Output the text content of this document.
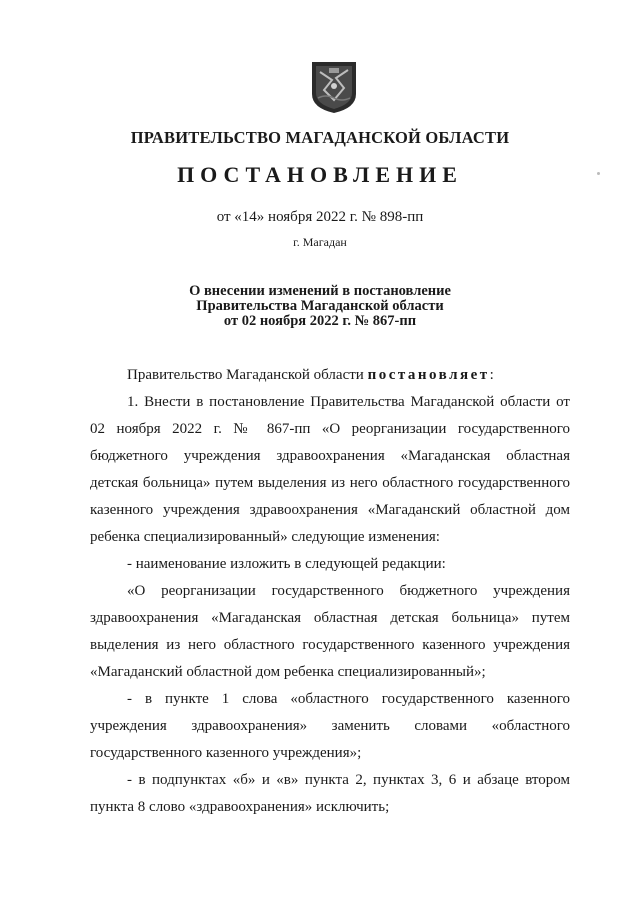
ПРАВИТЕЛЬСТВО МАГАДАНСКОЙ ОБЛАСТИ
ПОСТАНОВЛЕНИЕ
от «14» ноября 2022 г. № 898-пп
г. Магадан
О внесении изменений в постановление
Правительства Магаданской области
от 02 ноября 2022 г. № 867-пп

Правительство Магаданской области постановляет:

1. Внести в постановление Правительства Магаданской области от 02 ноября 2022 г. № 867-пп «О реорганизации государственного бюджетного учреждения здравоохранения «Магаданская областная детская больница» путем выделения из него областного государственного казенного учреждения здравоохранения «Магаданский областной дом ребенка специализированный» следующие изменения:

- наименование изложить в следующей редакции:

«О реорганизации государственного бюджетного учреждения здравоохранения «Магаданская областная детская больница» путем выделения из него областного государственного казенного учреждения «Магаданский областной дом ребенка специализированный»;

- в пункте 1 слова «областного государственного казенного учреждения здравоохранения» заменить словами «областного государственного казенного учреждения»;

- в подпунктах «б» и «в» пункта 2, пунктах 3, 6 и абзаце втором пункта 8 слово «здравоохранения» исключить;
